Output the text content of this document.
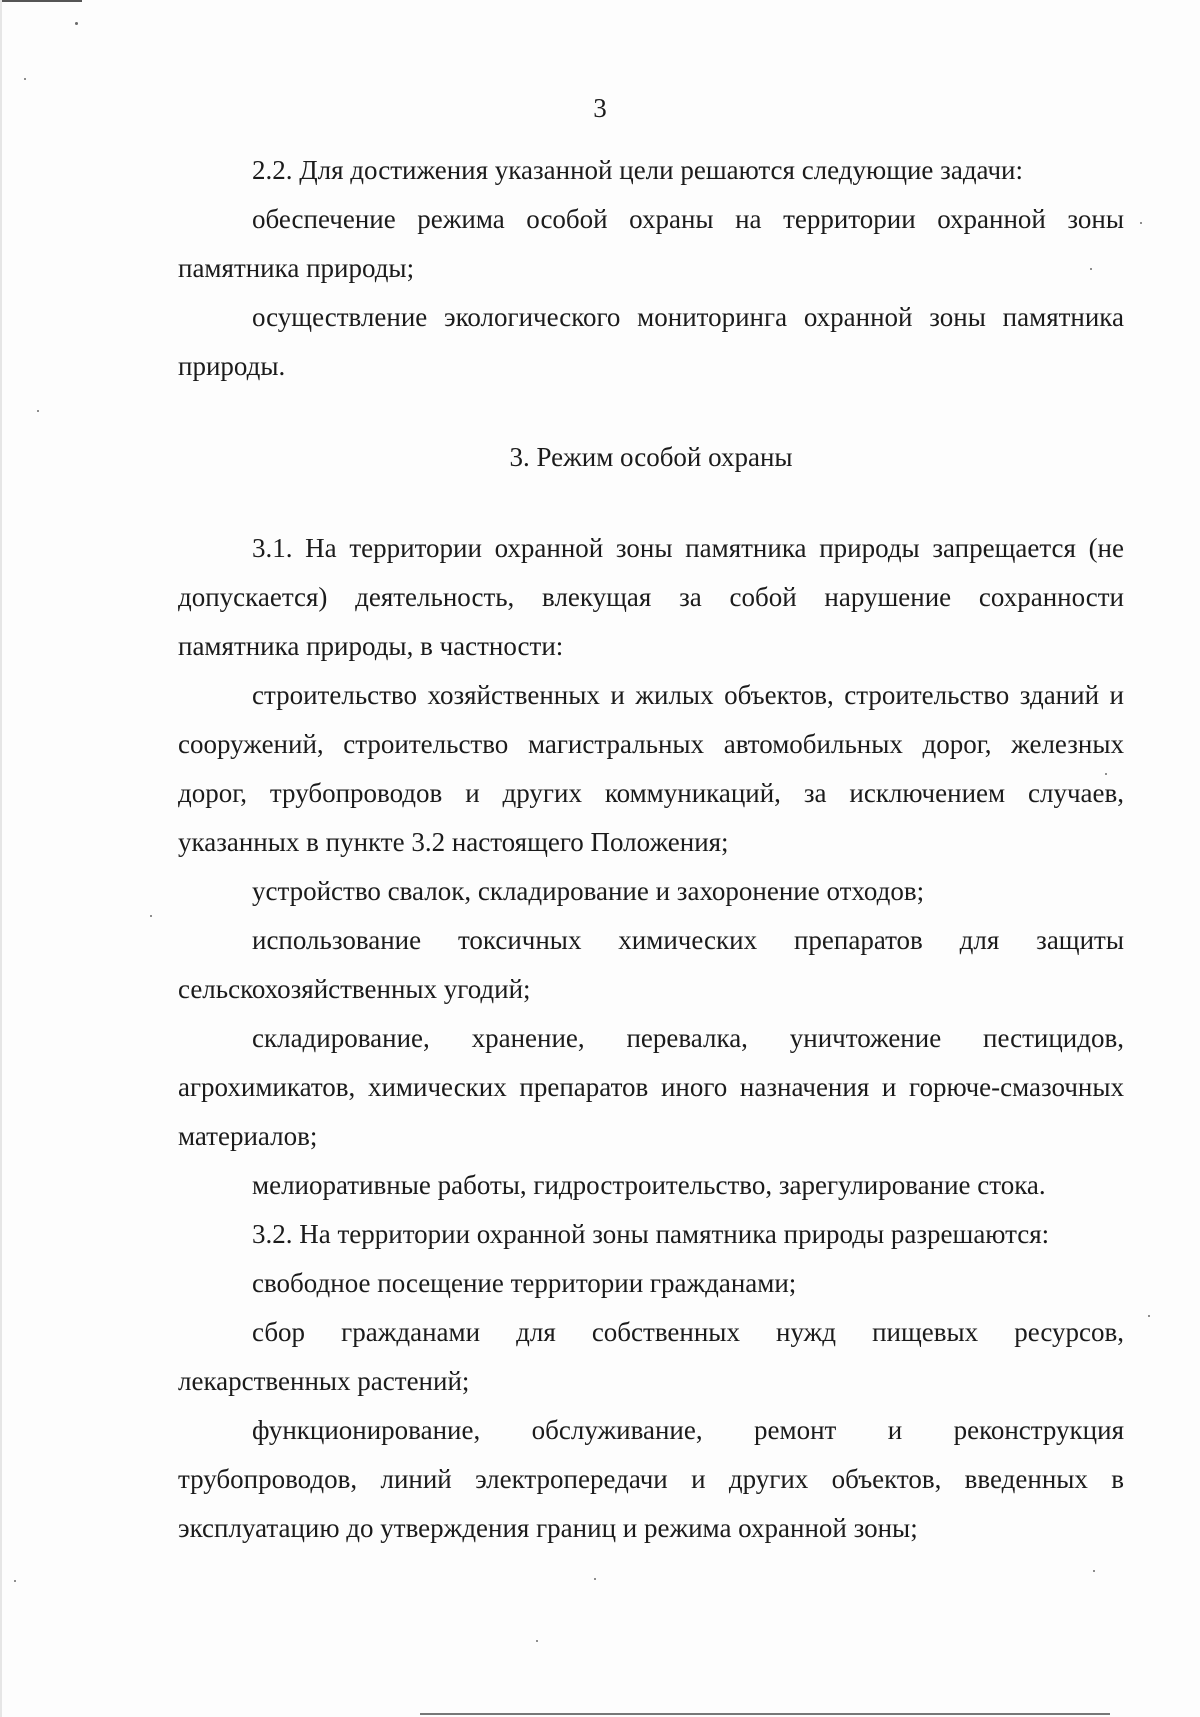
3

2.2. Для достижения указанной цели решаются следующие задачи:

обеспечение режима особой охраны на территории охранной зоны памятника природы;

осуществление экологического мониторинга охранной зоны памятника природы.

3. Режим особой охраны

3.1. На территории охранной зоны памятника природы запрещается (не допускается) деятельность, влекущая за собой нарушение сохранности памятника природы, в частности:

строительство хозяйственных и жилых объектов, строительство зданий и сооружений, строительство магистральных автомобильных дорог, железных дорог, трубопроводов и других коммуникаций, за исключением случаев, указанных в пункте 3.2 настоящего Положения;

устройство свалок, складирование и захоронение отходов;

использование токсичных химических препаратов для защиты сельскохозяйственных угодий;

складирование, хранение, перевалка, уничтожение пестицидов, агрохимикатов, химических препаратов иного назначения и горюче-смазочных материалов;

мелиоративные работы, гидростроительство, зарегулирование стока.

3.2. На территории охранной зоны памятника природы разрешаются:

свободное посещение территории гражданами;

сбор гражданами для собственных нужд пищевых ресурсов, лекарственных растений;

функционирование, обслуживание, ремонт и реконструкция трубопроводов, линий электропередачи и других объектов, введенных в эксплуатацию до утверждения границ и режима охранной зоны;
